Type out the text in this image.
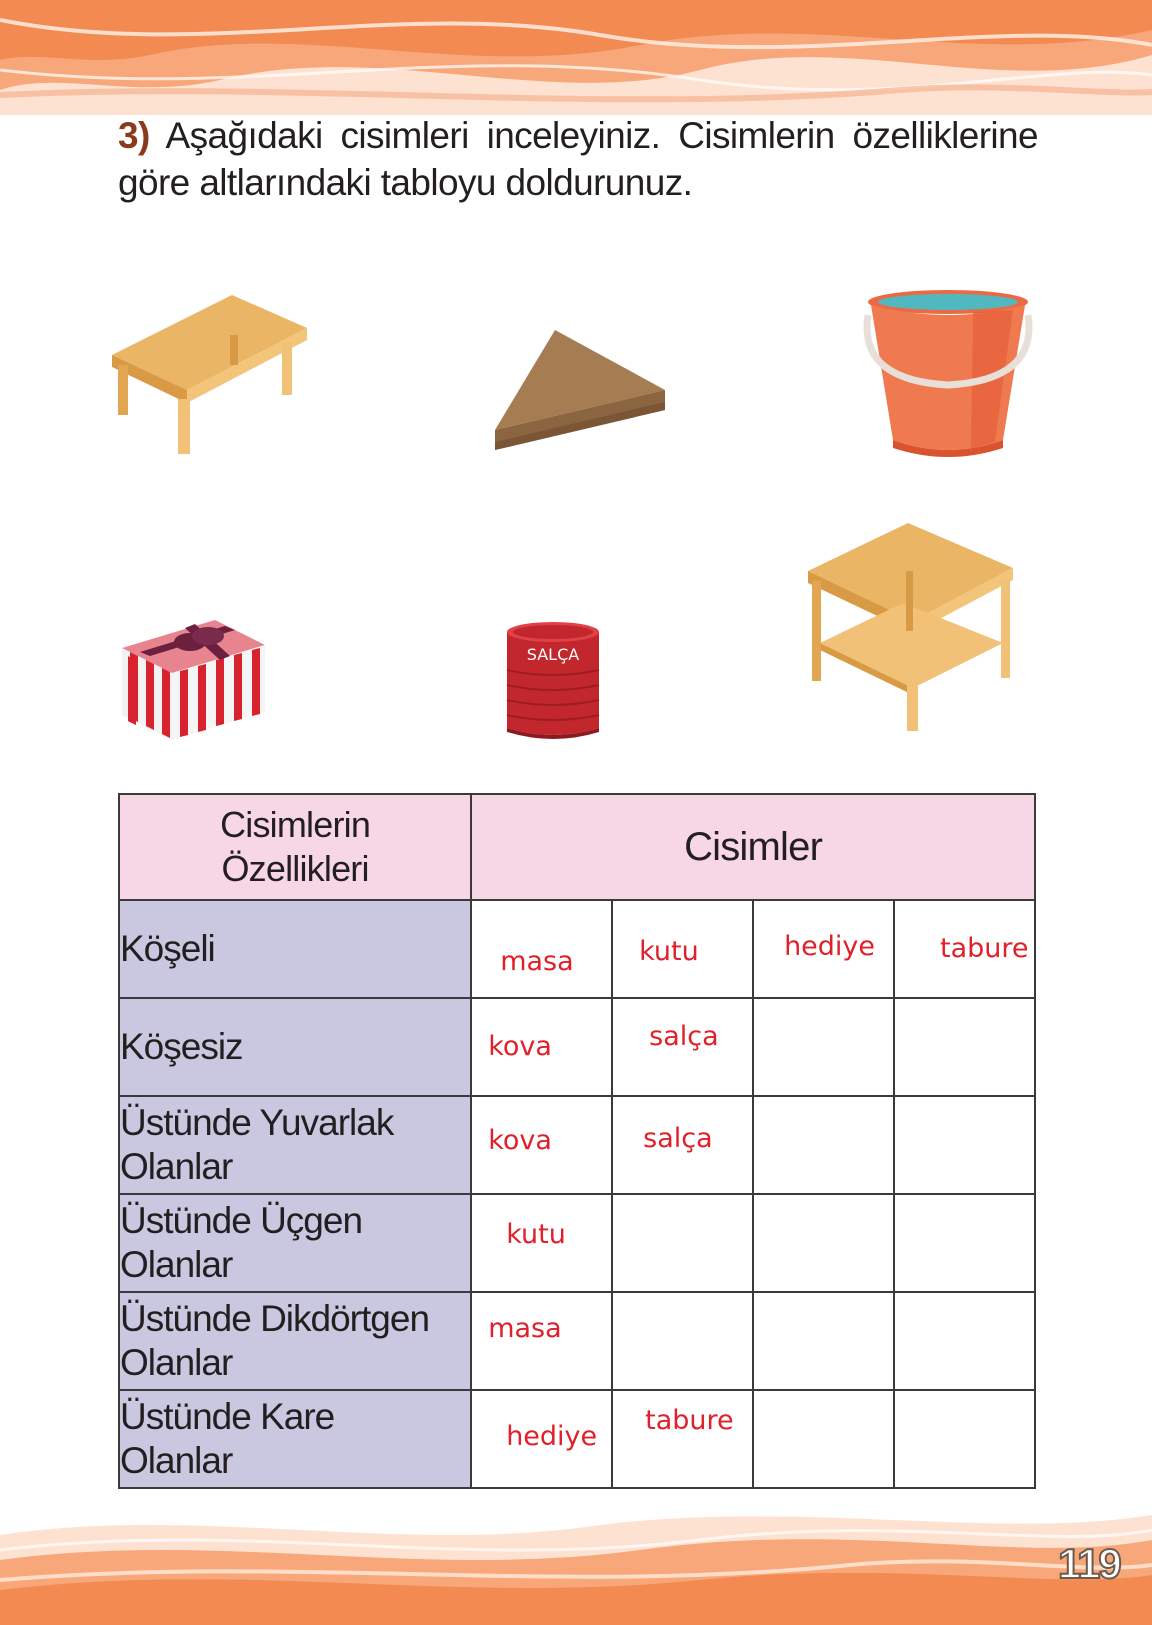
3) Aşağıdaki cisimleri inceleyiniz. Cisimlerin özelliklerine göre altlarındaki tabloyu doldurunuz.
SALÇA
Cisimlerin
Özellikleri	Cisimler			
Köşeli	masa	kutu	hediye	tabure

Köşesiz	kova	salça		

Üstünde Yuvarlak
Olanlar	kova	salça		

Üstünde Üçgen
Olanlar	kutu			

Üstünde Dikdörtgen
Olanlar	masa			

Üstünde Kare
Olanlar	hediye	tabure		

119
